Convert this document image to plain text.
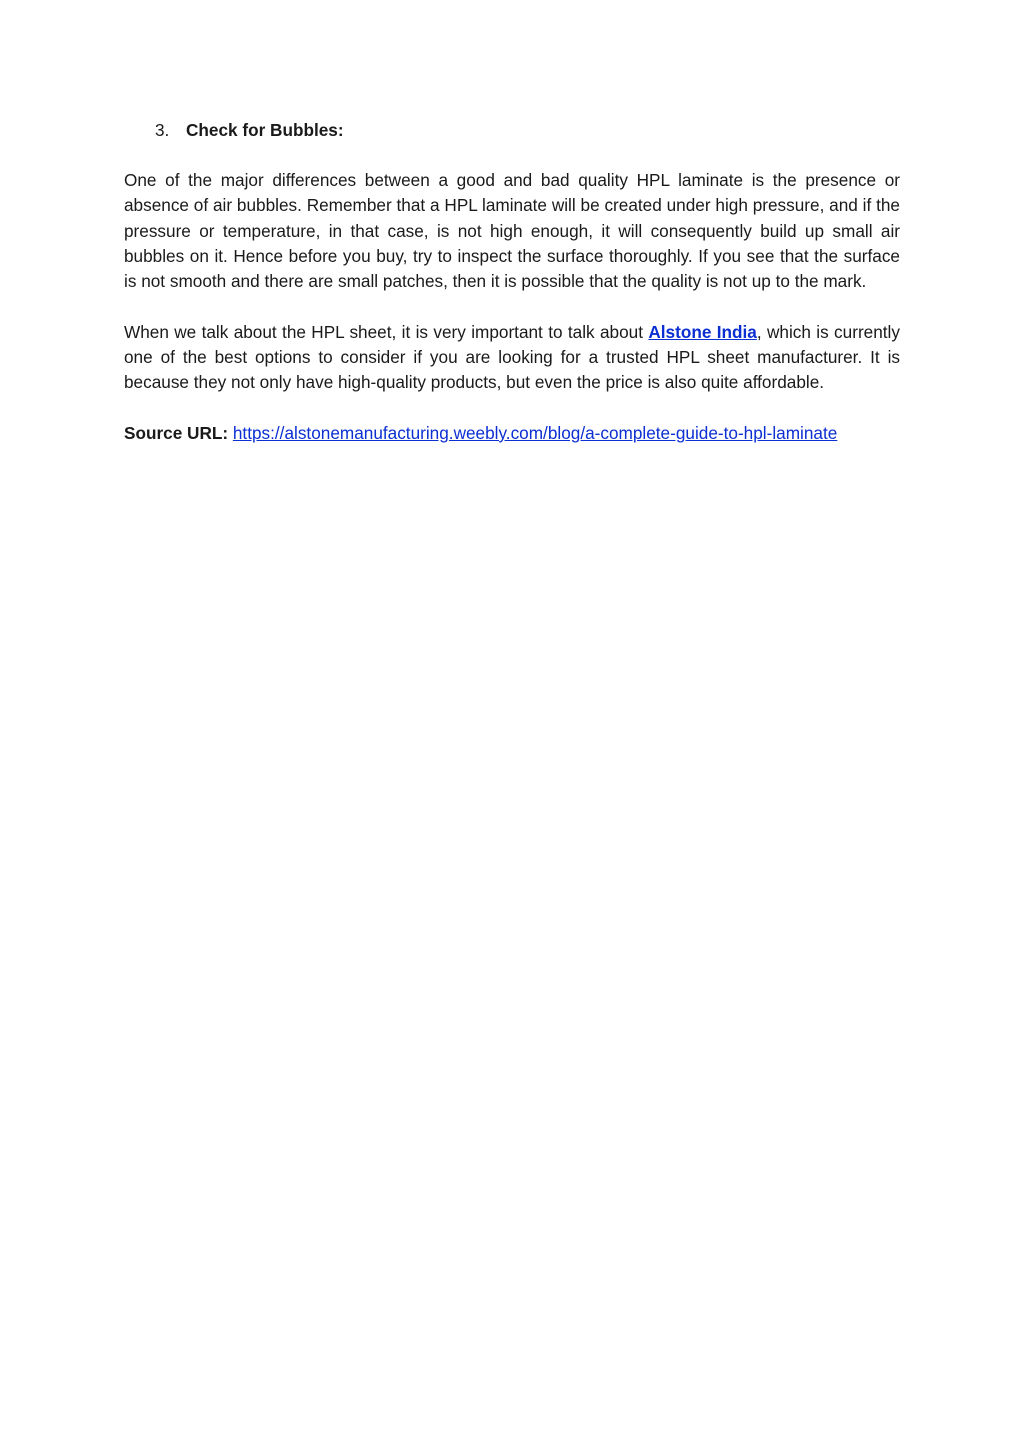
3. Check for Bubbles:

One of the major differences between a good and bad quality HPL laminate is the presence or absence of air bubbles. Remember that a HPL laminate will be created under high pressure, and if the pressure or temperature, in that case, is not high enough, it will consequently build up small air bubbles on it. Hence before you buy, try to inspect the surface thoroughly. If you see that the surface is not smooth and there are small patches, then it is possible that the quality is not up to the mark.

When we talk about the HPL sheet, it is very important to talk about Alstone India, which is currently one of the best options to consider if you are looking for a trusted HPL sheet manufacturer. It is because they not only have high-quality products, but even the price is also quite affordable.

Source URL: https://alstonemanufacturing.weebly.com/blog/a-complete-guide-to-hpl-laminate
